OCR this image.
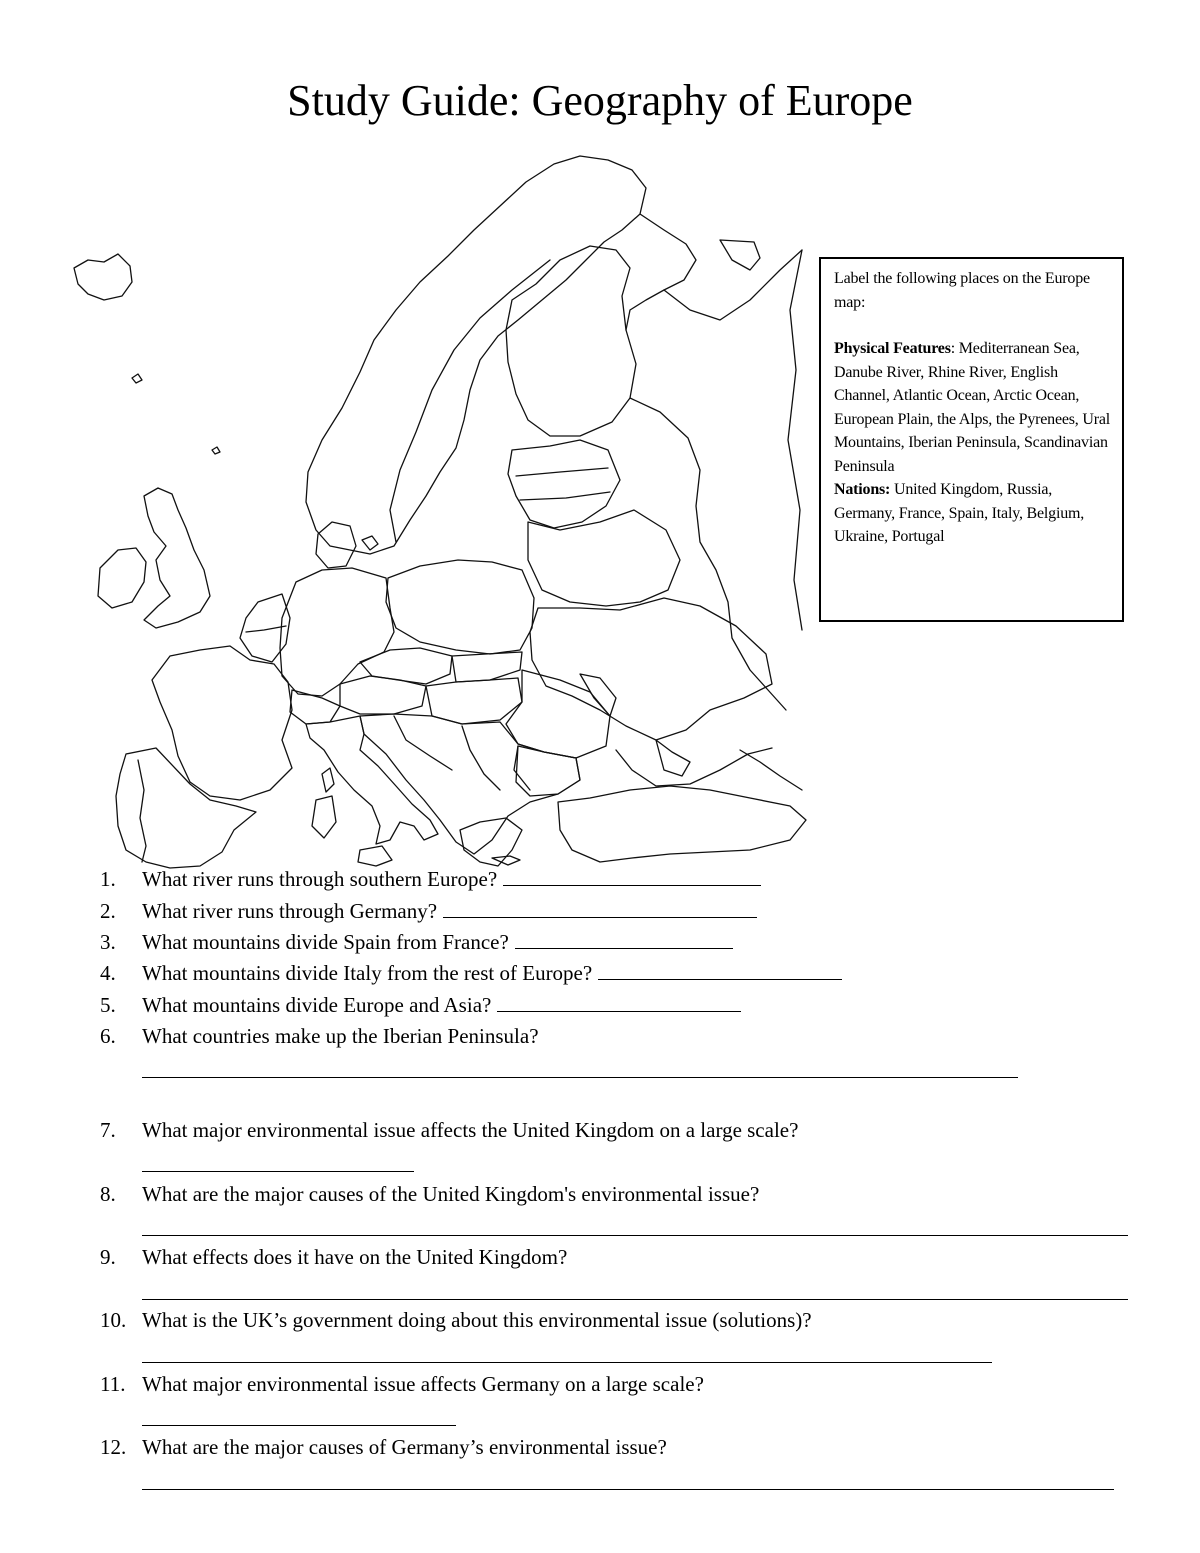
Study Guide: Geography of Europe

Label the following places on the Europe map:

Physical Features: Mediterranean Sea, Danube River, Rhine River, English Channel, Atlantic Ocean, Arctic Ocean, European Plain, the Alps, the Pyrenees, Ural Mountains, Iberian Peninsula, Scandinavian Peninsula

Nations: United Kingdom, Russia, Germany, France, Spain, Italy, Belgium, Ukraine, Portugal

1. What river runs through southern Europe?
2. What river runs through Germany?
3. What mountains divide Spain from France?
4. What mountains divide Italy from the rest of Europe?
5. What mountains divide Europe and Asia?
6. What countries make up the Iberian Peninsula?
7. What major environmental issue affects the United Kingdom on a large scale?
8. What are the major causes of the United Kingdom's environmental issue?
9. What effects does it have on the United Kingdom?
10. What is the UK’s government doing about this environmental issue (solutions)?
11. What major environmental issue affects Germany on a large scale?
12. What are the major causes of Germany’s environmental issue?
